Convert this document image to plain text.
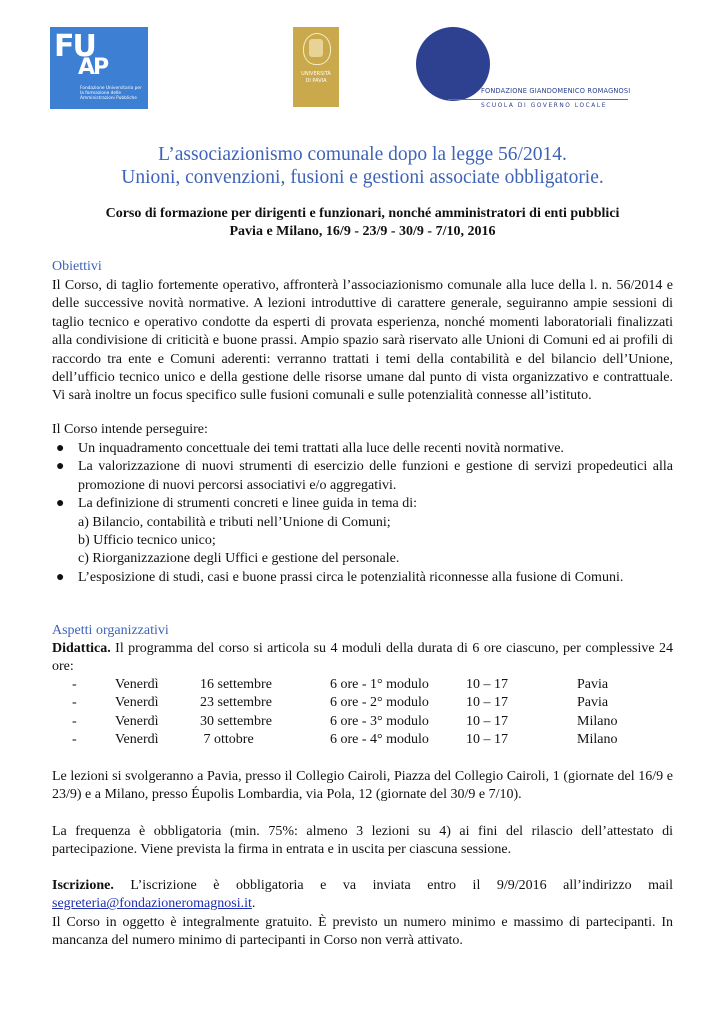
FU
AP
Fondazione Universitaria per la formazione delle Amministrazioni Pubbliche
UNIVERSITÀ
DI PAVIA
FONDAZIONE GIANDOMENICO ROMAGNOSI
SCUOLA DI GOVERNO LOCALE
L’associazionismo comunale dopo la legge 56/2014.
Unioni, convenzioni, fusioni e gestioni associate obbligatorie.
Corso di formazione per dirigenti e funzionari, nonché amministratori di enti pubblici
Pavia e Milano, 16/9 - 23/9 - 30/9 - 7/10, 2016
Obiettivi
Il Corso, di taglio fortemente operativo, affronterà l’associazionismo comunale alla luce della l. n. 56/2014 e delle successive novità normative. A lezioni introduttive di carattere generale, seguiranno ampie sessioni di taglio tecnico e operativo condotte da esperti di provata esperienza, nonché momenti laboratoriali finalizzati alla condivisione di criticità e buone prassi. Ampio spazio sarà riservato alle Unioni di Comuni ed ai profili di raccordo tra ente e Comuni aderenti: verranno trattati i temi della contabilità e del bilancio dell’Unione, dell’ufficio tecnico unico e della gestione delle risorse umane dal punto di vista organizzativo e contrattuale. Vi sarà inoltre un focus specifico sulle fusioni comunali e sulle potenzialità connesse all’istituto.
Il Corso intende perseguire:
● Un inquadramento concettuale dei temi trattati alla luce delle recenti novità normative.
● La valorizzazione di nuovi strumenti di esercizio delle funzioni e gestione di servizi propedeutici alla promozione di nuovi percorsi associativi e/o aggregativi.
● La definizione di strumenti concreti e linee guida in tema di:
a) Bilancio, contabilità e tributi nell’Unione di Comuni;
b) Ufficio tecnico unico;
c) Riorganizzazione degli Uffici e gestione del personale.
● L’esposizione di studi, casi e buone prassi circa le potenzialità riconnesse alla fusione di Comuni.
Aspetti organizzativi
Didattica. Il programma del corso si articola su 4 moduli della durata di 6 ore ciascuno, per complessive 24 ore:
-	Venerdì	16 settembre	6 ore - 1° modulo	10 – 17	Pavia
-	Venerdì	23 settembre	6 ore - 2° modulo	10 – 17	Pavia
-	Venerdì	30 settembre	6 ore - 3° modulo	10 – 17	Milano
-	Venerdì	7 ottobre	6 ore - 4° modulo	10 – 17	Milano
Le lezioni si svolgeranno a Pavia, presso il Collegio Cairoli, Piazza del Collegio Cairoli, 1 (giornate del 16/9 e 23/9) e a Milano, presso Éupolis Lombardia, via Pola, 12 (giornate del 30/9 e 7/10).
La frequenza è obbligatoria (min. 75%: almeno 3 lezioni su 4) ai fini del rilascio dell’attestato di partecipazione. Viene prevista la firma in entrata e in uscita per ciascuna sessione.
Iscrizione. L’iscrizione è obbligatoria e va inviata entro il 9/9/2016 all’indirizzo mail segreteria@fondazioneromagnosi.it.
Il Corso in oggetto è integralmente gratuito. È previsto un numero minimo e massimo di partecipanti. In mancanza del numero minimo di partecipanti in Corso non verrà attivato.
